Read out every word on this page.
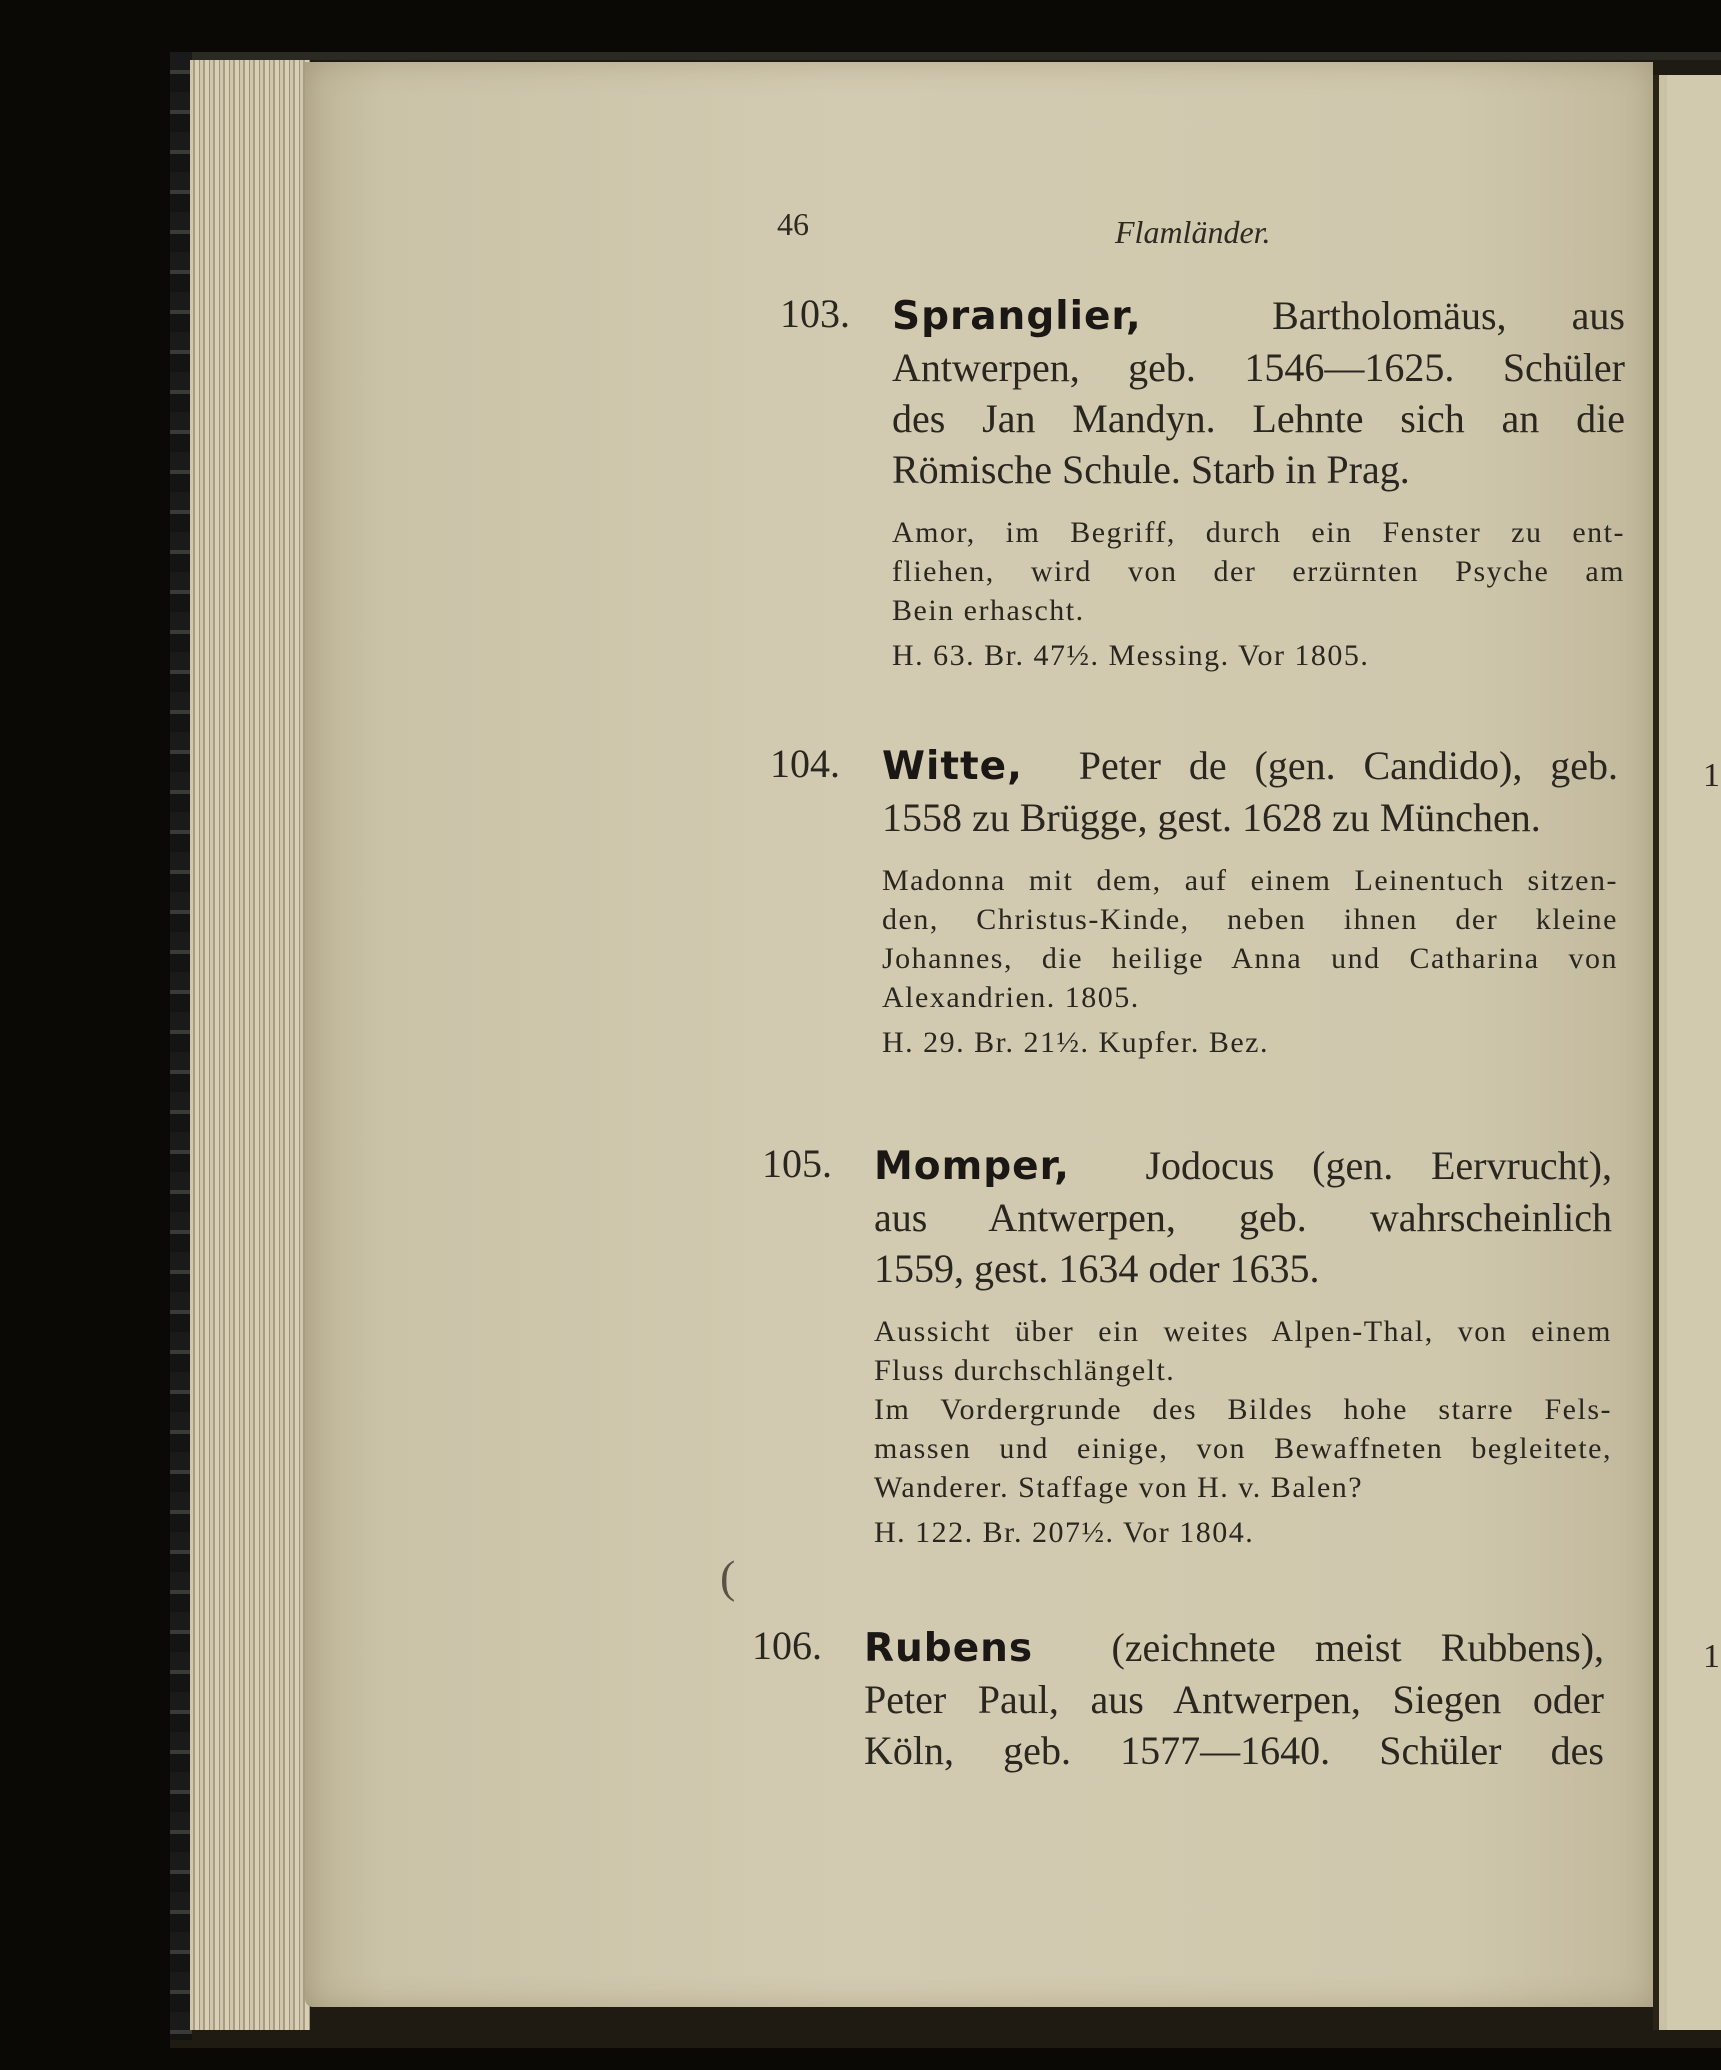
1
1
46	Flamländer.
103. Spranglier,	Bartholomäus, aus
Antwerpen, geb. 1546—1625. Schüler
des Jan Mandyn. Lehnte sich an die
Römische Schule. Starb in Prag.
Amor, im Begriff, durch ein Fenster zu ent-
fliehen, wird von der erzürnten Psyche am
Bein erhascht.
H. 63. Br. 47½. Messing. Vor 1805.
104. Witte, Peter de (gen. Candido), geb.
1558 zu Brügge, gest. 1628 zu München.
Madonna mit dem, auf einem Leinentuch sitzen-
den, Christus-Kinde, neben ihnen der kleine
Johannes, die heilige Anna und Catharina von
Alexandrien. 1805.
H. 29. Br. 21½. Kupfer. Bez.
105. Momper, Jodocus (gen. Eervrucht),
aus Antwerpen, geb. wahrscheinlich
1559, gest. 1634 oder 1635.
Aussicht über ein weites Alpen-Thal, von einem
Fluss durchschlängelt.
Im Vordergrunde des Bildes hohe starre Fels-
massen und einige, von Bewaffneten begleitete,
Wanderer. Staffage von H. v. Balen?
H. 122. Br. 207½. Vor 1804.
106. Rubens (zeichnete meist Rubbens),
Peter Paul, aus Antwerpen, Siegen oder
Köln, geb. 1577—1640. Schüler des
(
